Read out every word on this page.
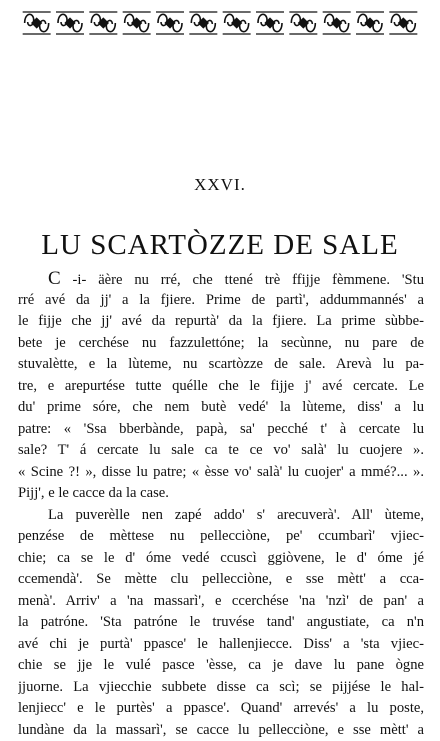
XXVI.
LU SCARTÒZZE DE SALE
C -i- äère nu rré, che ttené trè ffijje fèmmene. 'Stu
rré avé da jj' a la fjiere. Prime de partì', addummannés' a
le fijje che jj' avé da repurtà' da la fjiere. La prime sùbbe-
bete je cerchése nu fazzulettóne; la secùnne, nu pare de
stuvalètte, e la lùteme, nu scartòzze de sale. Arevà lu pa-
tre, e arepurtése tutte quélle che le fijje j' avé cercate. Le
du' prime sóre, che nem butè vedé' la lùteme, diss' a lu
patre: « 'Ssa bberbànde, papà, sa' pecché t' à cercate lu
sale? T' á cercate lu sale ca te ce vo' salà' lu cuojere ».
« Scine ?! », disse lu patre; « èsse vo' salà' lu cuojer' a mmé?... ».
Pijj', e le cacce da la case.
La puverèlle nen zapé addo' s' arecuverà'. All' ùteme,
penzése de mèttese nu pellecciòne, pe' ccumbarì' vjiec-
chie; ca se le d' óme vedé ccuscì ggiòvene, le d' óme jé
ccemendà'. Se mètte clu pellecciòne, e sse mètt' a cca-
menà'. Arriv' a 'na massarì', e ccerchése 'na 'nzì' de pan' a
la patróne. 'Sta patróne le truvése tand' angustiate, ca n'n
avé chi je purtà' ppasce' le hallenjiecce. Diss' a 'sta vjiec-
chie se jje le vulé pasce 'èsse, ca je dave lu pane ògne
jjuorne. La vjiecchie subbete disse ca scì; se pijjése le hal-
lenjiecc' e le purtès' a ppasce'. Quand' arrevés' a lu poste,
lundàne da la massarì', se cacce lu pellecciòne, e sse mètt' a
